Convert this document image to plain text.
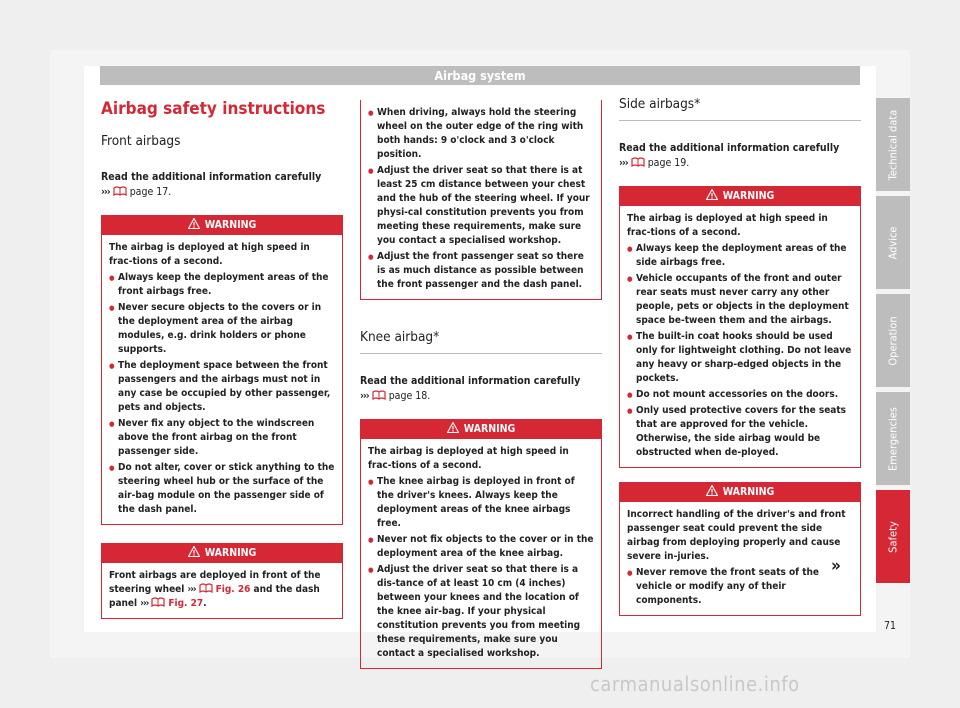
Airbag system
Airbag safety instructions
Front airbags
Read the additional information carefully
››› page 17.
WARNING

The airbag is deployed at high speed in frac-tions of a second.

● Always keep the deployment areas of the front airbags free.
● Never secure objects to the covers or in the deployment area of the airbag modules, e.g. drink holders or phone supports.
● The deployment space between the front passengers and the airbags must not in any case be occupied by other passenger, pets and objects.
● Never fix any object to the windscreen above the front airbag on the front passenger side.
● Do not alter, cover or stick anything to the steering wheel hub or the surface of the air-bag module on the passenger side of the dash panel.
WARNING

Front airbags are deployed in front of the steering wheel ››› Fig. 26 and the dash panel ››› Fig. 27.

● When driving, always hold the steering wheel on the outer edge of the ring with both hands: 9 o'clock and 3 o'clock position.
● Adjust the driver seat so that there is at least 25 cm distance between your chest and the hub of the steering wheel. If your physi-cal constitution prevents you from meeting these requirements, make sure you contact a specialised workshop.
● Adjust the front passenger seat so there is as much distance as possible between the front passenger and the dash panel.
Knee airbag*
Read the additional information carefully
››› page 18.
WARNING

The airbag is deployed at high speed in frac-tions of a second.

● The knee airbag is deployed in front of the driver's knees. Always keep the deployment areas of the knee airbags free.
● Never not fix objects to the cover or in the deployment area of the knee airbag.
● Adjust the driver seat so that there is a dis-tance of at least 10 cm (4 inches) between your knees and the location of the knee air-bag. If your physical constitution prevents you from meeting these requirements, make sure you contact a specialised workshop.
Side airbags*
Read the additional information carefully
››› page 19.
WARNING

The airbag is deployed at high speed in frac-tions of a second.

● Always keep the deployment areas of the side airbags free.
● Vehicle occupants of the front and outer rear seats must never carry any other people, pets or objects in the deployment space be-tween them and the airbags.
● The built-in coat hooks should be used only for lightweight clothing. Do not leave any heavy or sharp-edged objects in the pockets.
● Do not mount accessories on the doors.
● Only used protective covers for the seats that are approved for the vehicle. Otherwise, the side airbag would be obstructed when de-ployed.
WARNING

Incorrect handling of the driver's and front passenger seat could prevent the side airbag from deploying properly and cause severe in-juries.

● Never remove the front seats of the vehicle or modify any of their components.
»
Technical data
Advice
Operation
Emergencies
Safety
71
carmanualsonline.info
